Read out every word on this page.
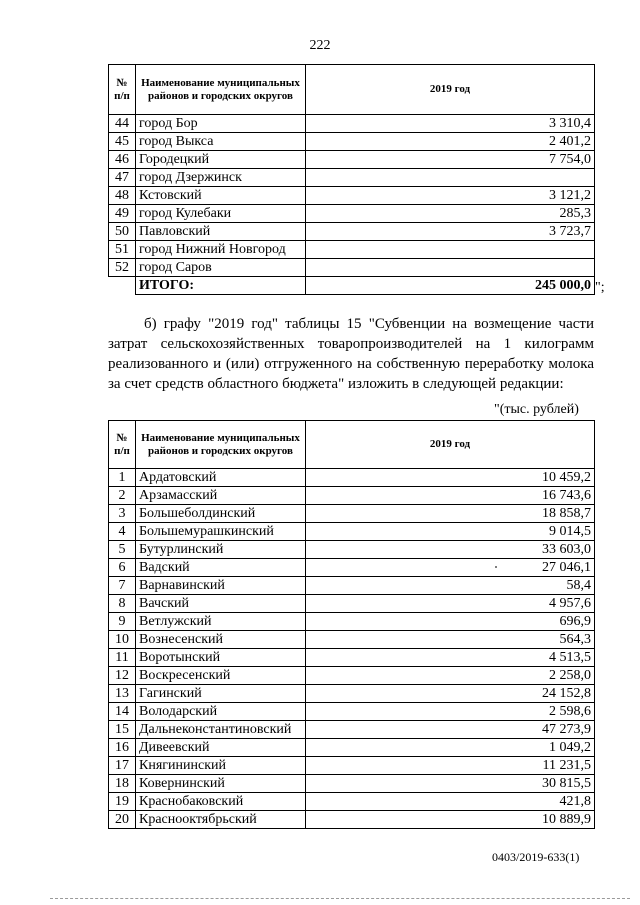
222
№ п/п	Наименование муниципальных районов и городских округов	2019 год
44	город Бор	3 310,4
45	город Выкса	2 401,2
46	Городецкий	7 754,0
47	город Дзержинск	
48	Кстовский	3 121,2
49	город Кулебаки	285,3
50	Павловский	3 723,7
51	город Нижний Новгород	
52	город Саров	
	ИТОГО:	245 000,0 ";
б) графу "2019 год" таблицы 15 "Субвенции на возмещение части затрат сельскохозяйственных товаропроизводителей на 1 килограмм реализованного и (или) отгруженного на собственную переработку молока за счет средств областного бюджета" изложить в следующей редакции:
"(тыс. рублей)
№ п/п	Наименование муниципальных районов и городских округов	2019 год
1	Ардатовский	10 459,2
2	Арзамасский	16 743,6
3	Большеболдинский	18 858,7
4	Большемурашкинский	9 014,5
5	Бутурлинский	33 603,0
6	Вадский	27 046,1
7	Варнавинский	58,4
8	Вачский	4 957,6
9	Ветлужский	696,9
10	Вознесенский	564,3
11	Воротынский	4 513,5
12	Воскресенский	2 258,0
13	Гагинский	24 152,8
14	Володарский	2 598,6
15	Дальнеконстантиновский	47 273,9
16	Дивеевский	1 049,2
17	Княгининский	11 231,5
18	Ковернинский	30 815,5
19	Краснобаковский	421,8
20	Краснооктябрьский	10 889,9
0403/2019-633(1)
